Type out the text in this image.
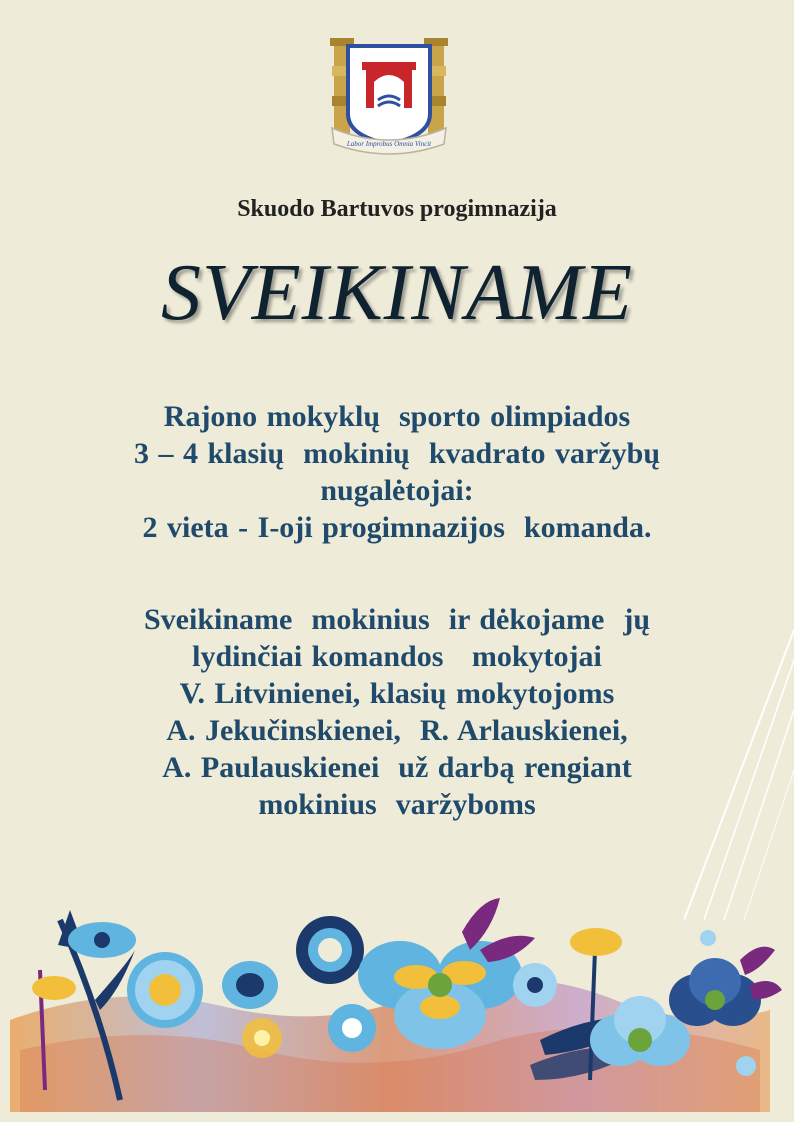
Labor Improbus Omnia Vincit
Skuodo Bartuvos progimnazija
SVEIKINAME
Rajono mokyklų  sporto olimpiados
3 – 4 klasių  mokinių  kvadrato varžybų
nugalėtojai:
2 vieta - I-oji progimnazijos  komanda.
Sveikiname  mokinius  ir dėkojame  jų
lydinčiai komandos   mokytojai
V. Litvinienei, klasių mokytojoms
A. Jekučinskienei,  R. Arlauskienei,
A. Paulauskienei  už darbą rengiant
mokinius  varžyboms
